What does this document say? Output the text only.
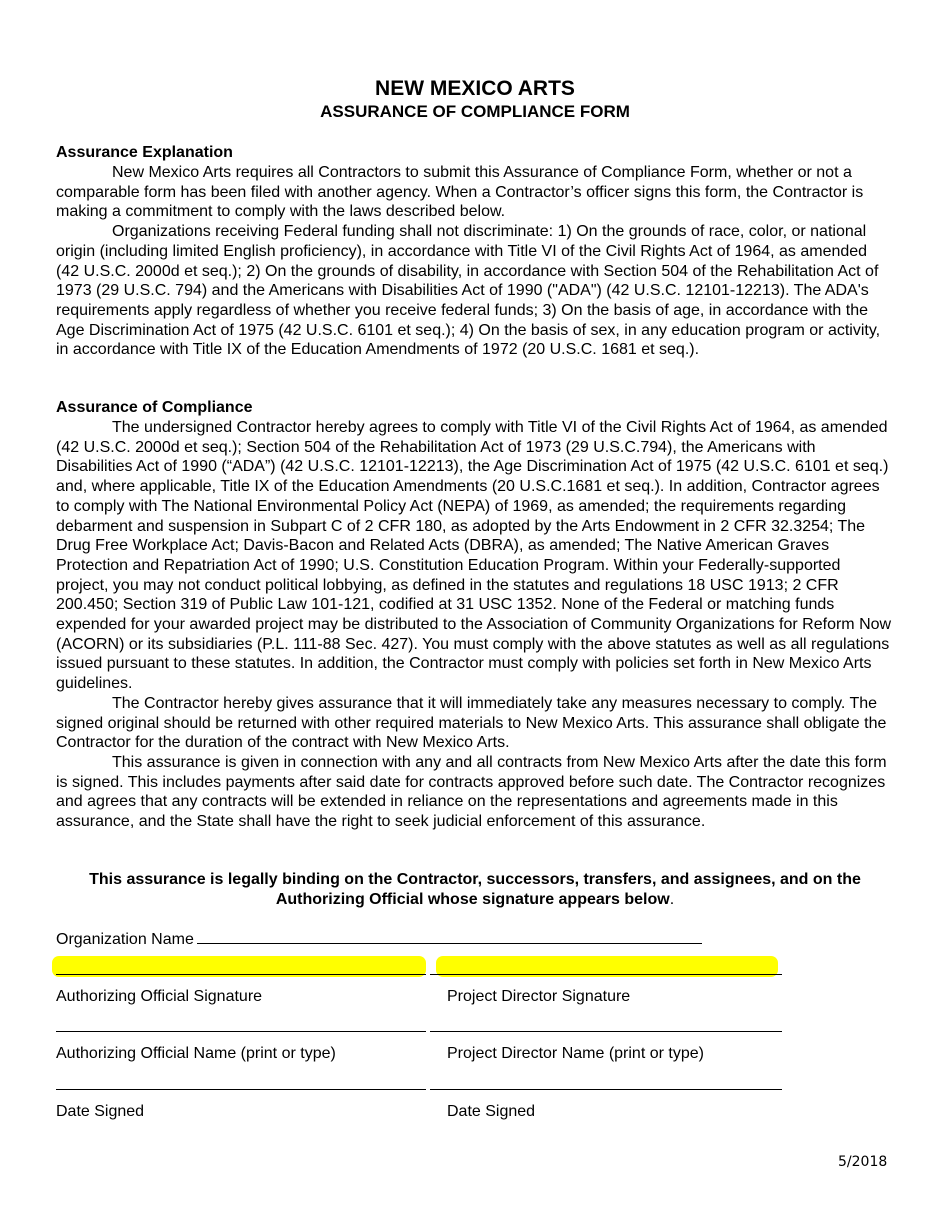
NEW MEXICO ARTS
ASSURANCE OF COMPLIANCE FORM
Assurance Explanation

New Mexico Arts requires all Contractors to submit this Assurance of Compliance Form, whether or not a comparable form has been filed with another agency. When a Contractor’s officer signs this form, the Contractor is making a commitment to comply with the laws described below.

Organizations receiving Federal funding shall not discriminate: 1) On the grounds of race, color, or national origin (including limited English proficiency), in accordance with Title VI of the Civil Rights Act of 1964, as amended (42 U.S.C. 2000d et seq.); 2) On the grounds of disability, in accordance with Section 504 of the Rehabilitation Act of 1973 (29 U.S.C. 794) and the Americans with Disabilities Act of 1990 ("ADA") (42 U.S.C. 12101-12213). The ADA's requirements apply regardless of whether you receive federal funds; 3) On the basis of age, in accordance with the Age Discrimination Act of 1975 (42 U.S.C. 6101 et seq.); 4) On the basis of sex, in any education program or activity, in accordance with Title IX of the Education Amendments of 1972 (20 U.S.C. 1681 et seq.).

Assurance of Compliance

The undersigned Contractor hereby agrees to comply with Title VI of the Civil Rights Act of 1964, as amended (42 U.S.C. 2000d et seq.); Section 504 of the Rehabilitation Act of 1973 (29 U.S.C.794), the Americans with Disabilities Act of 1990 (“ADA”) (42 U.S.C. 12101-12213), the Age Discrimination Act of 1975 (42 U.S.C. 6101 et seq.) and, where applicable, Title IX of the Education Amendments (20 U.S.C.1681 et seq.). In addition, Contractor agrees to comply with The National Environmental Policy Act (NEPA) of 1969, as amended; the requirements regarding debarment and suspension in Subpart C of 2 CFR 180, as adopted by the Arts Endowment in 2 CFR 32.3254; The Drug Free Workplace Act; Davis-Bacon and Related Acts (DBRA), as amended; The Native American Graves Protection and Repatriation Act of 1990; U.S. Constitution Education Program. Within your Federally-supported project, you may not conduct political lobbying, as defined in the statutes and regulations 18 USC 1913; 2 CFR 200.450; Section 319 of Public Law 101-121, codified at 31 USC 1352. None of the Federal or matching funds expended for your awarded project may be distributed to the Association of Community Organizations for Reform Now (ACORN) or its subsidiaries (P.L. 111-88 Sec. 427). You must comply with the above statutes as well as all regulations issued pursuant to these statutes. In addition, the Contractor must comply with policies set forth in New Mexico Arts guidelines.

The Contractor hereby gives assurance that it will immediately take any measures necessary to comply. The signed original should be returned with other required materials to New Mexico Arts. This assurance shall obligate the Contractor for the duration of the contract with New Mexico Arts.

This assurance is given in connection with any and all contracts from New Mexico Arts after the date this form is signed. This includes payments after said date for contracts approved before such date. The Contractor recognizes and agrees that any contracts will be extended in reliance on the representations and agreements made in this assurance, and the State shall have the right to seek judicial enforcement of this assurance.

This assurance is legally binding on the Contractor, successors, transfers, and assignees, and on the Authorizing Official whose signature appears below.
Organization Name
Authorizing Official Signature	Project Director Signature
Authorizing Official Name (print or type)	Project Director Name (print or type)
Date Signed	Date Signed
5/2018
